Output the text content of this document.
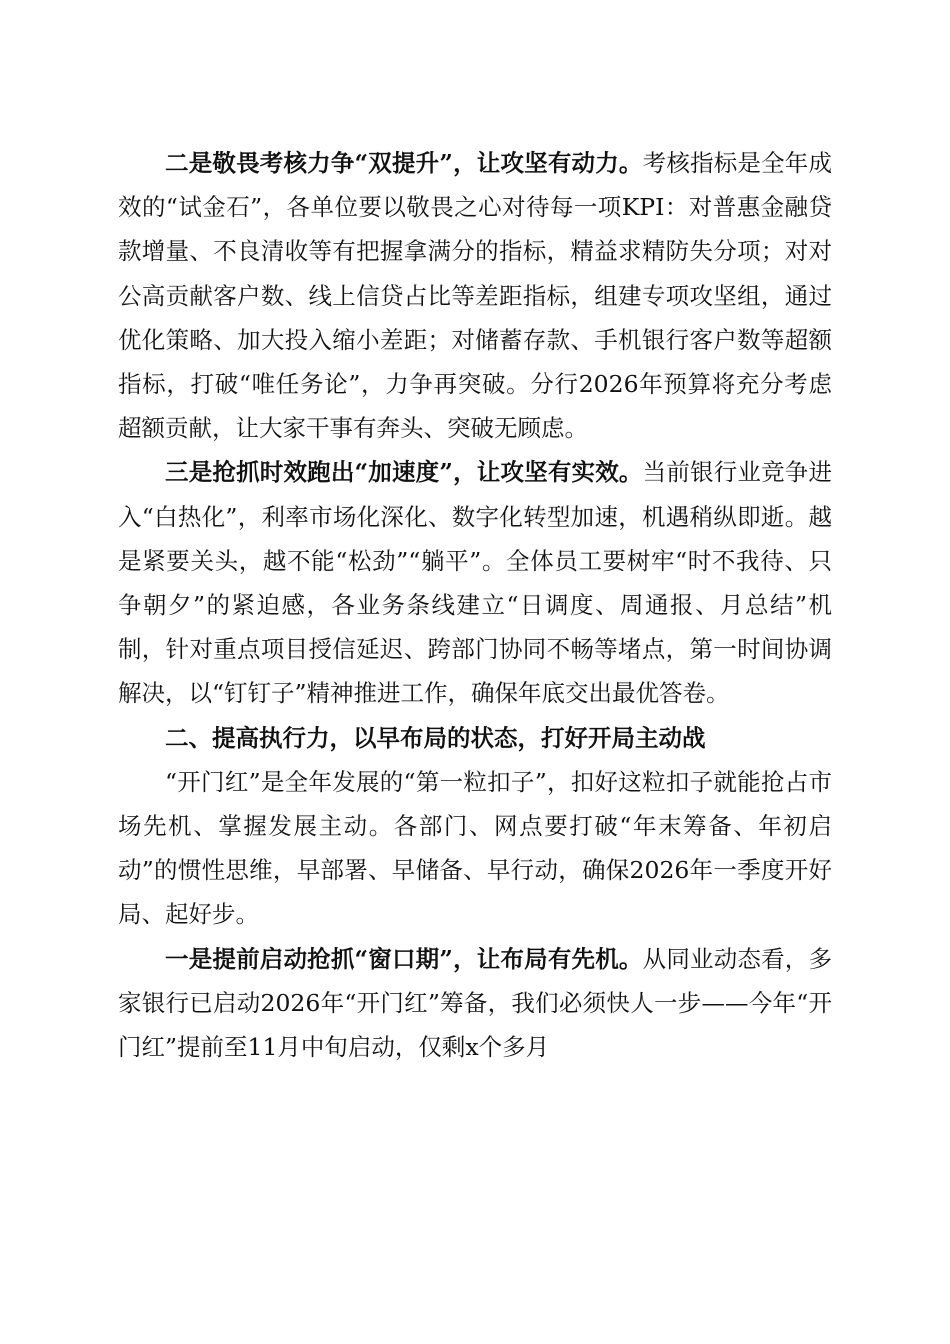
二是敬畏考核力争“双提升”，让攻坚有动力。考核指标是全年成效的“试金石”，各单位要以敬畏之心对待每一项KPI：对普惠金融贷款增量、不良清收等有把握拿满分的指标，精益求精防失分项；对对公高贡献客户数、线上信贷占比等差距指标，组建专项攻坚组，通过优化策略、加大投入缩小差距；对储蓄存款、手机银行客户数等超额指标，打破“唯任务论”，力争再突破。分行2026年预算将充分考虑超额贡献，让大家干事有奔头、突破无顾虑。

三是抢抓时效跑出“加速度”，让攻坚有实效。当前银行业竞争进入“白热化”，利率市场化深化、数字化转型加速，机遇稍纵即逝。越是紧要关头，越不能“松劲”“躺平”。全体员工要树牢“时不我待、只争朝夕”的紧迫感，各业务条线建立“日调度、周通报、月总结”机制，针对重点项目授信延迟、跨部门协同不畅等堵点，第一时间协调解决，以“钉钉子”精神推进工作，确保年底交出最优答卷。

二、提高执行力，以早布局的状态，打好开局主动战

“开门红”是全年发展的“第一粒扣子”，扣好这粒扣子就能抢占市场先机、掌握发展主动。各部门、网点要打破“年末筹备、年初启动”的惯性思维，早部署、早储备、早行动，确保2026年一季度开好局、起好步。

一是提前启动抢抓“窗口期”，让布局有先机。从同业动态看，多家银行已启动2026年“开门红”筹备，我们必须快人一步——今年“开门红”提前至11月中旬启动，仅剩x个多月
